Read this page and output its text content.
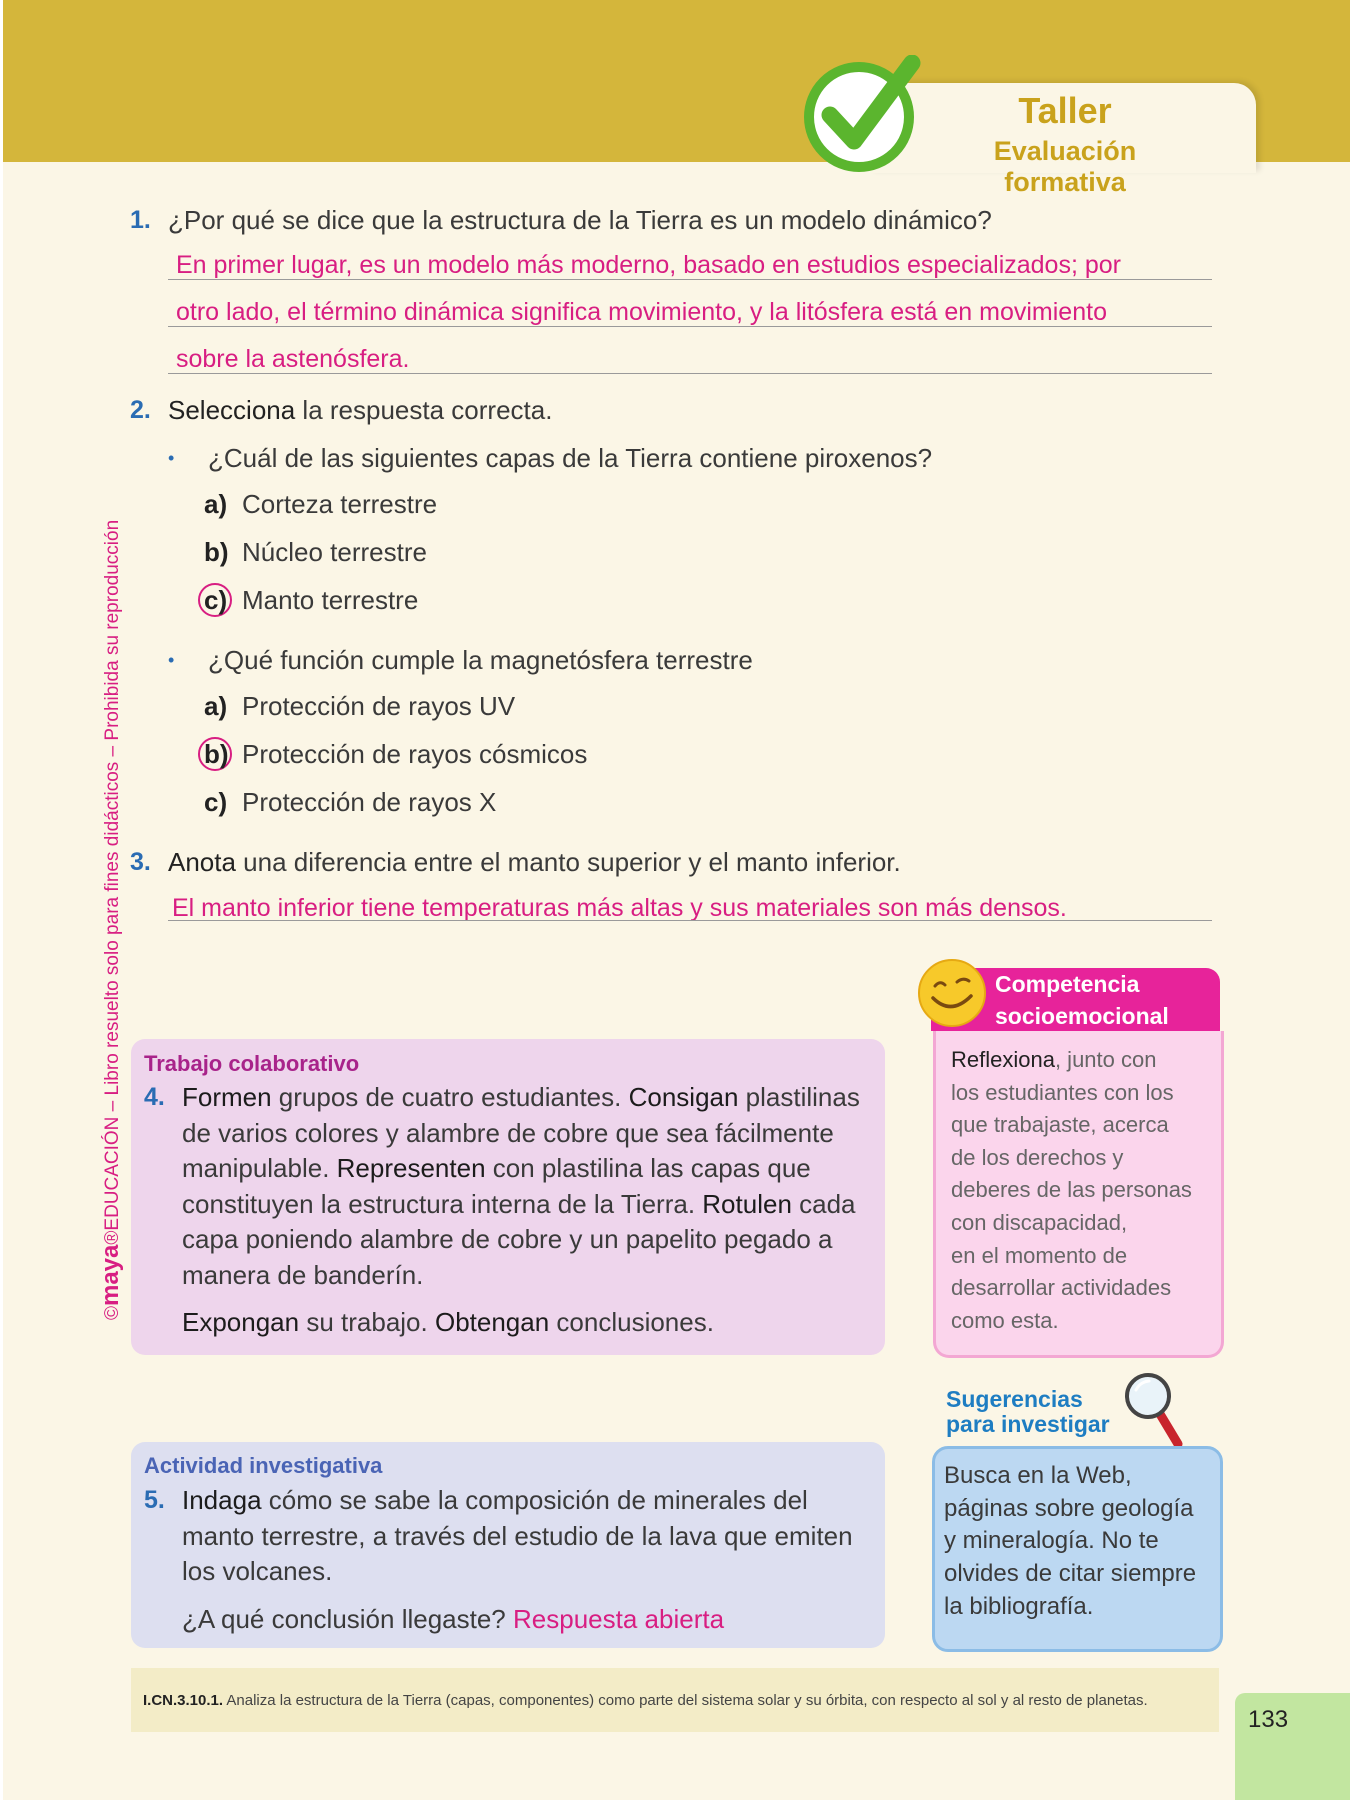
Taller
Evaluación formativa
©maya®EDUCACIÓN – Libro resuelto solo para fines didácticos – Prohibida su reproducción
1. ¿Por qué se dice que la estructura de la Tierra es un modelo dinámico?
En primer lugar, es un modelo más moderno, basado en estudios especializados; por
otro lado, el término dinámica significa movimiento, y la litósfera está en movimiento
sobre la astenósfera.
2. Selecciona la respuesta correcta.
• ¿Cuál de las siguientes capas de la Tierra contiene piroxenos?
a) Corteza terrestre
b) Núcleo terrestre
c) Manto terrestre
• ¿Qué función cumple la magnetósfera terrestre
a) Protección de rayos UV
b) Protección de rayos cósmicos
c) Protección de rayos X
3. Anota una diferencia entre el manto superior y el manto inferior.
El manto inferior tiene temperaturas más altas y sus materiales son más densos.
Trabajo colaborativo
4. Formen grupos de cuatro estudiantes. Consigan plastilinas
de varios colores y alambre de cobre que sea fácilmente
manipulable. Representen con plastilina las capas que
constituyen la estructura interna de la Tierra. Rotulen cada
capa poniendo alambre de cobre y un papelito pegado a
manera de banderín.
Expongan su trabajo. Obtengan conclusiones.
Competencia
socioemocional
Reflexiona, junto con
los estudiantes con los
que trabajaste, acerca
de los derechos y
deberes de las personas
con discapacidad,
en el momento de
desarrollar actividades
como esta.
Sugerencias
para investigar
Busca en la Web,
páginas sobre geología
y mineralogía. No te
olvides de citar siempre
la bibliografía.
Actividad investigativa
5. Indaga cómo se sabe la composición de minerales del
manto terrestre, a través del estudio de la lava que emiten
los volcanes.
¿A qué conclusión llegaste? Respuesta abierta
I.CN.3.10.1. Analiza la estructura de la Tierra (capas, componentes) como parte del sistema solar y su órbita, con respecto al sol y al resto de planetas.
133
